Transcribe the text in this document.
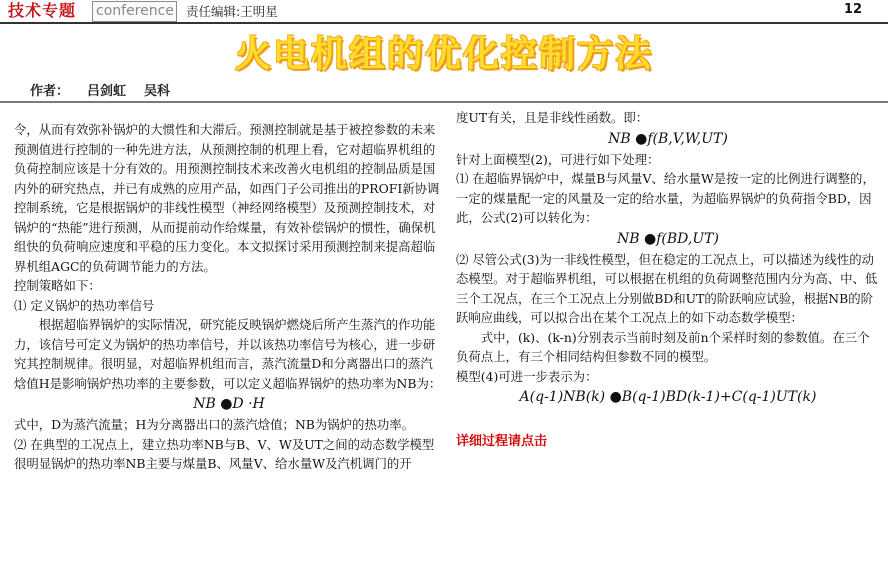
技术专题 conference 责任编辑:王明星	12
火电机组的优化控制方法
作者： 吕剑虹 吴科

令，从而有效弥补锅炉的大惯性和大滞后。预测控制就是基于被控参数的未来预测值进行控制的一种先进方法，从预测控制的机理上看，它对超临界机组的负荷控制应该是十分有效的。用预测控制技术来改善火电机组的控制品质是国内外的研究热点，并已有成熟的应用产品，如西门子公司推出的PROFI新协调控制系统，它是根据锅炉的非线性模型（神经网络模型）及预测控制技术，对锅炉的“热能”进行预测，从而提前动作给煤量，有效补偿锅炉的惯性，确保机组快的负荷响应速度和平稳的压力变化。本文拟探讨采用预测控制来提高超临界机组AGC的负荷调节能力的方法。

控制策略如下：

⑴ 定义锅炉的热功率信号

根据超临界锅炉的实际情况，研究能反映锅炉燃烧后所产生蒸汽的作功能力，该信号可定义为锅炉的热功率信号，并以该热功率信号为核心，进一步研究其控制规律。很明显，对超临界机组而言，蒸汽流量D和分离器出口的蒸汽焓值H是影响锅炉热功率的主要参数，可以定义超临界锅炉的热功率为NB为：

NB ●D ·H

式中，D为蒸汽流量；H为分离器出口的蒸汽焓值；NB为锅炉的热功率。

⑵ 在典型的工况点上，建立热功率NB与B、V、W及UT之间的动态数学模型

很明显锅炉的热功率NB主要与煤量B、风量V、给水量W及汽机调门的开

度UT有关，且是非线性函数。即：

NB ●f(B,V,W,UT)

针对上面模型(2)，可进行如下处理：

⑴ 在超临界锅炉中，煤量B与风量V、给水量W是按一定的比例进行调整的，一定的煤量配一定的风量及一定的给水量，为超临界锅炉的负荷指令BD，因此，公式(2)可以转化为：

NB ●f(BD,UT)

⑵ 尽管公式(3)为一非线性模型，但在稳定的工况点上，可以描述为线性的动态模型。对于超临界机组，可以根据在机组的负荷调整范围内分为高、中、低三个工况点，在三个工况点上分别做BD和UT的阶跃响应试验，根据NB的阶跃响应曲线，可以拟合出在某个工况点上的如下动态数学模型：

式中，(k)、(k-n)分别表示当前时刻及前n个采样时刻的参数值。在三个负荷点上，有三个相同结构但参数不同的模型。

模型(4)可进一步表示为：

A(q-1)NB(k) ●B(q-1)BD(k-1)+C(q-1)UT(k)

详细过程请点击
